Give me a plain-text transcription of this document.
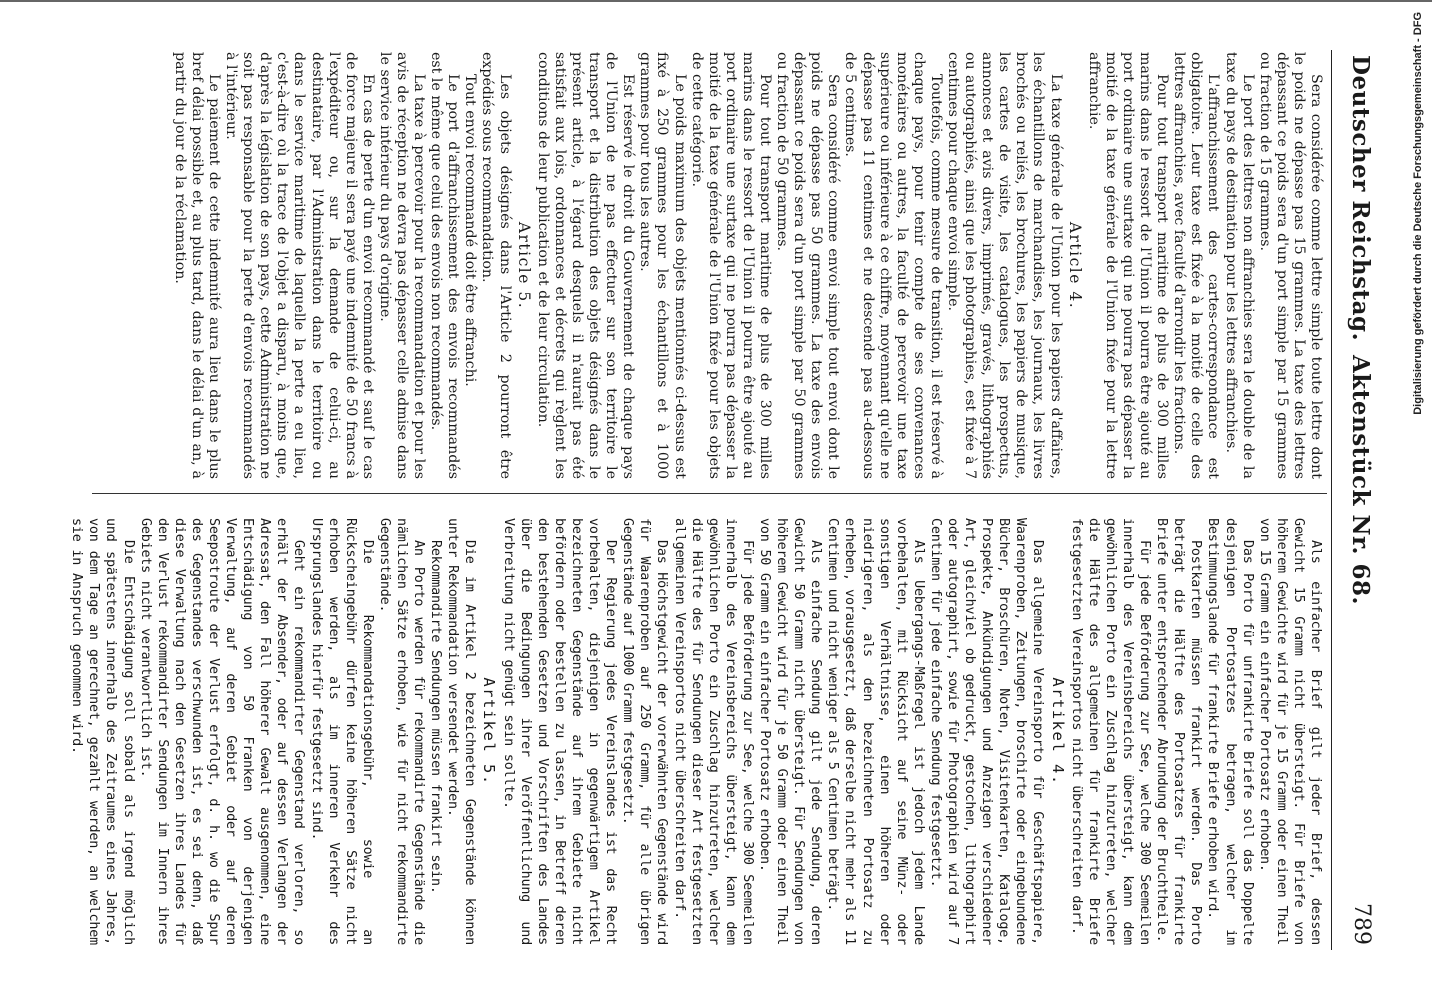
Deutscher Reichstag.
Aktenstück Nr. 68.
789

Sera considérée comme lettre simple toute lettre dont le poids ne dépasse pas 15 grammes. La taxe des lettres dépassant ce poids sera d'un port simple par 15 grammes ou fraction de 15 grammes.

Le port des lettres non affranchies sera le double de la taxe du pays de destination pour les lettres affranchies.

L'affranchissement des cartes-correspondance est obligatoire. Leur taxe est fixée à la moitié de celle des lettres affranchies, avec faculté d'arrondir les fractions.

Pour tout transport maritime de plus de 300 milles marins dans le ressort de l'Union il pourra être ajouté au port ordinaire une surtaxe qui ne pourra pas dépasser la moitié de la taxe générale de l'Union fixée pour la lettre affranchie.

Article 4.

La taxe générale de l'Union pour les papiers d'affaires, les échantillons de marchandises, les journaux, les livres brochés ou reliés, les brochures, les papiers de musique, les cartes de visite, les catalogues, les prospectus, annonces et avis divers, imprimés, gravés, lithographiés ou autographiés, ainsi que les photographies, est fixée à 7 centimes pour chaque envoi simple.

Toutefois, comme mesure de transition, il est réservé à chaque pays, pour tenir compte de ses convenances monétaires ou autres, la faculté de percevoir une taxe supérieure ou inférieure à ce chiffre, moyennant qu'elle ne dépasse pas 11 centimes et ne descende pas au-dessous de 5 centimes.

Sera considéré comme envoi simple tout envoi dont le poids ne dépasse pas 50 grammes. La taxe des envois dépassant ce poids sera d'un port simple par 50 grammes ou fraction de 50 grammes.

Pour tout transport maritime de plus de 300 milles marins dans le ressort de l'Union il pourra être ajouté au port ordinaire une surtaxe qui ne pourra pas dépasser la moitié de la taxe générale de l'Union fixée pour les objets de cette catégorie.

Le poids maximum des objets mentionnés ci-dessus est fixé à 250 grammes pour les échantillons et à 1000 grammes pour tous les autres.

Est réservé le droit du Gouvernement de chaque pays de l'Union de ne pas effectuer sur son territoire le transport et la distribution des objets désignés dans le présent article, à l'égard desquels il n'aurait pas été satisfait aux lois, ordonnances et décrets qui règlent les conditions de leur publication et de leur circulation.

Article 5.

Les objets désignés dans l'Article 2 pourront être expédiés sous recommandation.

Tout envoi recommandé doit être affranchi.

Le port d'affranchissement des envois recommandés est le même que celui des envois non recommandés.

La taxe à percevoir pour la recommandation et pour les avis de réception ne devra pas dépasser celle admise dans le service intérieur du pays d'origine.

En cas de perte d'un envoi recommandé et sauf le cas de force majeure il sera payé une indemnité de 50 francs à l'expéditeur ou, sur la demande de celui-ci, au destinataire, par l'Administration dans le territoire ou dans le service maritime de laquelle la perte a eu lieu, c'est-à-dire où la trace de l'objet a disparu, à moins que, d'après la législation de son pays, cette Administration ne soit pas responsable pour la perte d'envois recommandés à l'intérieur.

Le paiement de cette indemnité aura lieu dans le plus bref délai possible et, au plus tard, dans le délai d'un an, à partir du jour de la réclamation.

Als einfacher Brief gilt jeder Brief, dessen Gewicht 15 Gramm nicht übersteigt. Für Briefe von höherem Gewichte wird für je 15 Gramm oder einen Theil von 15 Gramm ein einfacher Portosatz erhoben.

Das Porto für unfrankirte Briefe soll das Doppelte desjenigen Portosatzes betragen, welcher im Bestimmungslande für frankirte Briefe erhoben wird.

Postkarten müssen frankirt werden. Das Porto beträgt die Hälfte des Portosatzes für frankirte Briefe unter entsprechender Abrundung der Bruchtheile.

Für jede Beförderung zur See, welche 300 Seemeilen innerhalb des Vereinsbereichs übersteigt, kann dem gewöhnlichen Porto ein Zuschlag hinzutreten, welcher die Hälfte des allgemeinen für frankirte Briefe festgesetzten Vereinsportos nicht überschreiten darf.

Artikel 4.

Das allgemeine Vereinsporto für Geschäftspapiere, Waarenproben, Zeitungen, broschirte oder eingebundene Bücher, Broschüren, Noten, Visitenkarten, Kataloge, Prospekte, Ankündigungen und Anzeigen verschiedener Art, gleichviel ob gedruckt, gestochen, lithographirt oder autographirt, sowie für Photographien wird auf 7 Centimen für jede einfache Sendung festgesetzt.

Als Uebergangs-Maßregel ist jedoch jedem Lande vorbehalten, mit Rücksicht auf seine Münz- oder sonstigen Verhältnisse, einen höheren oder niedrigeren, als den bezeichneten Portosatz zu erheben, vorausgesetzt, daß derselbe nicht mehr als 11 Centimen und nicht weniger als 5 Centimen beträgt.

Als einfache Sendung gilt jede Sendung, deren Gewicht 50 Gramm nicht übersteigt. Für Sendungen von höherem Gewicht wird für je 50 Gramm oder einen Theil von 50 Gramm ein einfacher Portosatz erhoben.

Für jede Beförderung zur See, welche 300 Seemeilen innerhalb des Vereinsbereichs übersteigt, kann dem gewöhnlichen Porto ein Zuschlag hinzutreten, welcher die Hälfte des für Sendungen dieser Art festgesetzten allgemeinen Vereinsportos nicht überschreiten darf.

Das Höchstgewicht der vorerwähnten Gegenstände wird für Waarenproben auf 250 Gramm, für alle übrigen Gegenstände auf 1000 Gramm festgesetzt.

Der Regierung jedes Vereinslandes ist das Recht vorbehalten, diejenigen in gegenwärtigem Artikel bezeichneten Gegenstände auf ihrem Gebiete nicht befördern oder bestellen zu lassen, in Betreff deren den bestehenden Gesetzen und Vorschriften des Landes über die Bedingungen ihrer Veröffentlichung und Verbreitung nicht genügt sein sollte.

Artikel 5.

Die im Artikel 2 bezeichneten Gegenstände können unter Rekommandation versendet werden.

Rekommandirte Sendungen müssen frankirt sein.

An Porto werden für rekommandirte Gegenstände die nämlichen Sätze erhoben, wie für nicht rekommandirte Gegenstände.

Die Rekommandationsgebühr, sowie an Rückscheingebühr dürfen keine höheren Sätze nicht erhoben werden, als im inneren Verkehr des Ursprungslandes hierfür festgesetzt sind.

Geht ein rekommandirter Gegenstand verloren, so erhält der Absender, oder auf dessen Verlangen der Adressat, den Fall höherer Gewalt ausgenommen, eine Entschädigung von 50 Franken von derjenigen Verwaltung, auf deren Gebiet oder auf deren Seepostroute der Verlust erfolgt, d. h. wo die Spur des Gegenstandes verschwunden ist, es sei denn, daß diese Verwaltung nach den Gesetzen ihres Landes für den Verlust rekommandirter Sendungen im Innern ihres Gebiets nicht verantwortlich ist.

Die Entschädigung soll sobald als irgend möglich und spätestens innerhalb des Zeitraumes eines Jahres, von dem Tage an gerechnet, gezahlt werden, an welchem sie in Anspruch genommen wird.

Digitalisierung gefördert durch die Deutsche Forschungsgemeinschaft - DFG
